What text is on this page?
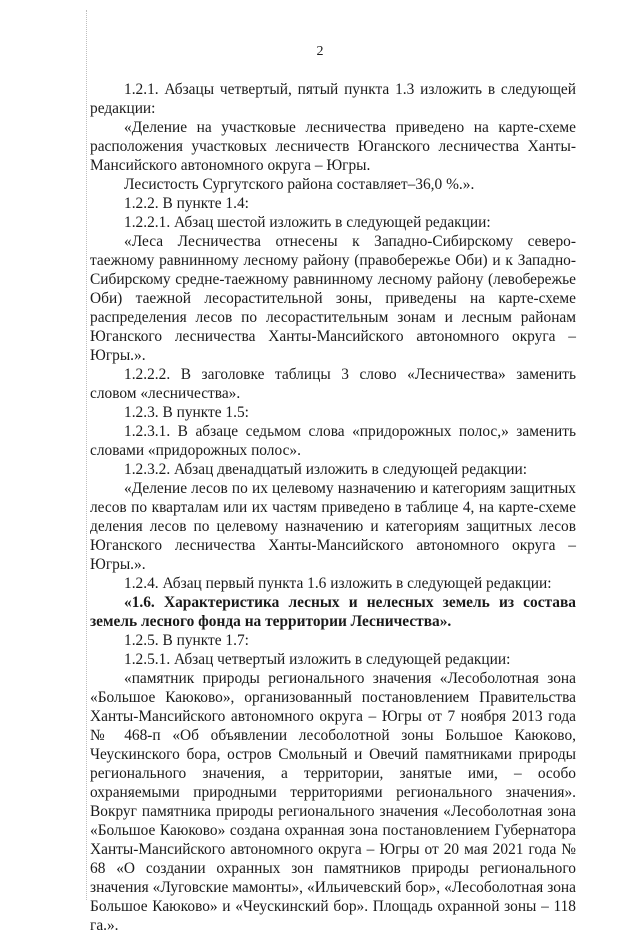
2

1.2.1. Абзацы четвертый, пятый пункта 1.3 изложить в следующей редакции:

«Деление на участковые лесничества приведено на карте-схеме расположения участковых лесничеств Юганского лесничества Ханты-Мансийского автономного округа – Югры.

Лесистость Сургутского района составляет–36,0 %.».

1.2.2. В пункте 1.4:

1.2.2.1. Абзац шестой изложить в следующей редакции:

«Леса Лесничества отнесены к Западно-Сибирскому северо-таежному равнинному лесному району (правобережье Оби) и к Западно-Сибирскому средне-таежному равнинному лесному району (левобережье Оби) таежной лесорастительной зоны, приведены на карте-схеме распределения лесов по лесорастительным зонам и лесным районам Юганского лесничества Ханты-Мансийского автономного округа – Югры.».

1.2.2.2. В заголовке таблицы 3 слово «Лесничества» заменить словом «лесничества».

1.2.3. В пункте 1.5:

1.2.3.1. В абзаце седьмом слова «придорожных полос,» заменить словами «придорожных полос».

1.2.3.2. Абзац двенадцатый изложить в следующей редакции:

«Деление лесов по их целевому назначению и категориям защитных лесов по кварталам или их частям приведено в таблице 4, на карте-схеме деления лесов по целевому назначению и категориям защитных лесов Юганского лесничества Ханты-Мансийского автономного округа – Югры.».

1.2.4. Абзац первый пункта 1.6 изложить в следующей редакции:

«1.6. Характеристика лесных и нелесных земель из состава земель лесного фонда на территории Лесничества».

1.2.5. В пункте 1.7:

1.2.5.1. Абзац четвертый изложить в следующей редакции:

«памятник природы регионального значения «Лесоболотная зона «Большое Каюково», организованный постановлением Правительства Ханты-Мансийского автономного округа – Югры от 7 ноября 2013 года № 468-п «Об объявлении лесоболотной зоны Большое Каюково, Чеускинского бора, остров Смольный и Овечий памятниками природы регионального значения, а территории, занятые ими, – особо охраняемыми природными территориями регионального значения». Вокруг памятника природы регионального значения «Лесоболотная зона «Большое Каюково» создана охранная зона постановлением Губернатора Ханты-Мансийского автономного округа – Югры от 20 мая 2021 года № 68 «О создании охранных зон памятников природы регионального значения «Луговские мамонты», «Ильичевский бор», «Лесоболотная зона Большое Каюково» и «Чеускинский бор». Площадь охранной зоны – 118 га.».
